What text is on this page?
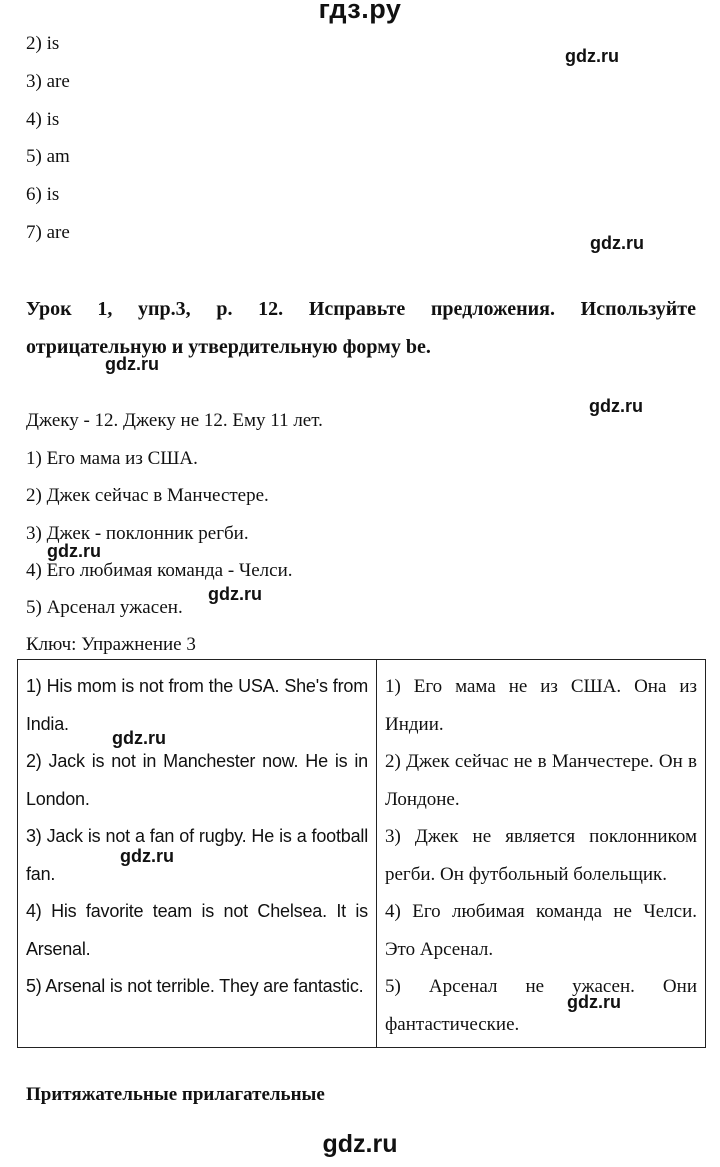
гдз.ру
2) is
3) are
4) is
5) am
6) is
7) are
Урок 1, упр.3, р. 12. Исправьте предложения. Используйте
отрицательную и утвердительную форму be.
Джеку - 12. Джеку не 12. Ему 11 лет.
1) Его мама из США.
2) Джек сейчас в Манчестере.
3) Джек - поклонник регби.
4) Его любимая команда - Челси.
5) Арсенал ужасен.
Ключ: Упражнение 3
1) His mom is not from the USA. She's from India.
2) Jack is not in Manchester now. He is in London.
3) Jack is not a fan of rugby. He is a football fan.
4) His favorite team is not Chelsea. It is Arsenal.
5) Arsenal is not terrible. They are fantastic.

1) Его мама не из США. Она из Индии.
2) Джек сейчас не в Манчестере. Он в Лондоне.
3) Джек не является поклонником регби. Он футбольный болельщик.
4) Его любимая команда не Челси. Это Арсенал.
5) Арсенал не ужасен. Они фантастические.
Притяжательные прилагательные
gdz.ru
gdz.ru
gdz.ru
gdz.ru
gdz.ru
gdz.ru
gdz.ru
gdz.ru
gdz.ru
gdz.ru
